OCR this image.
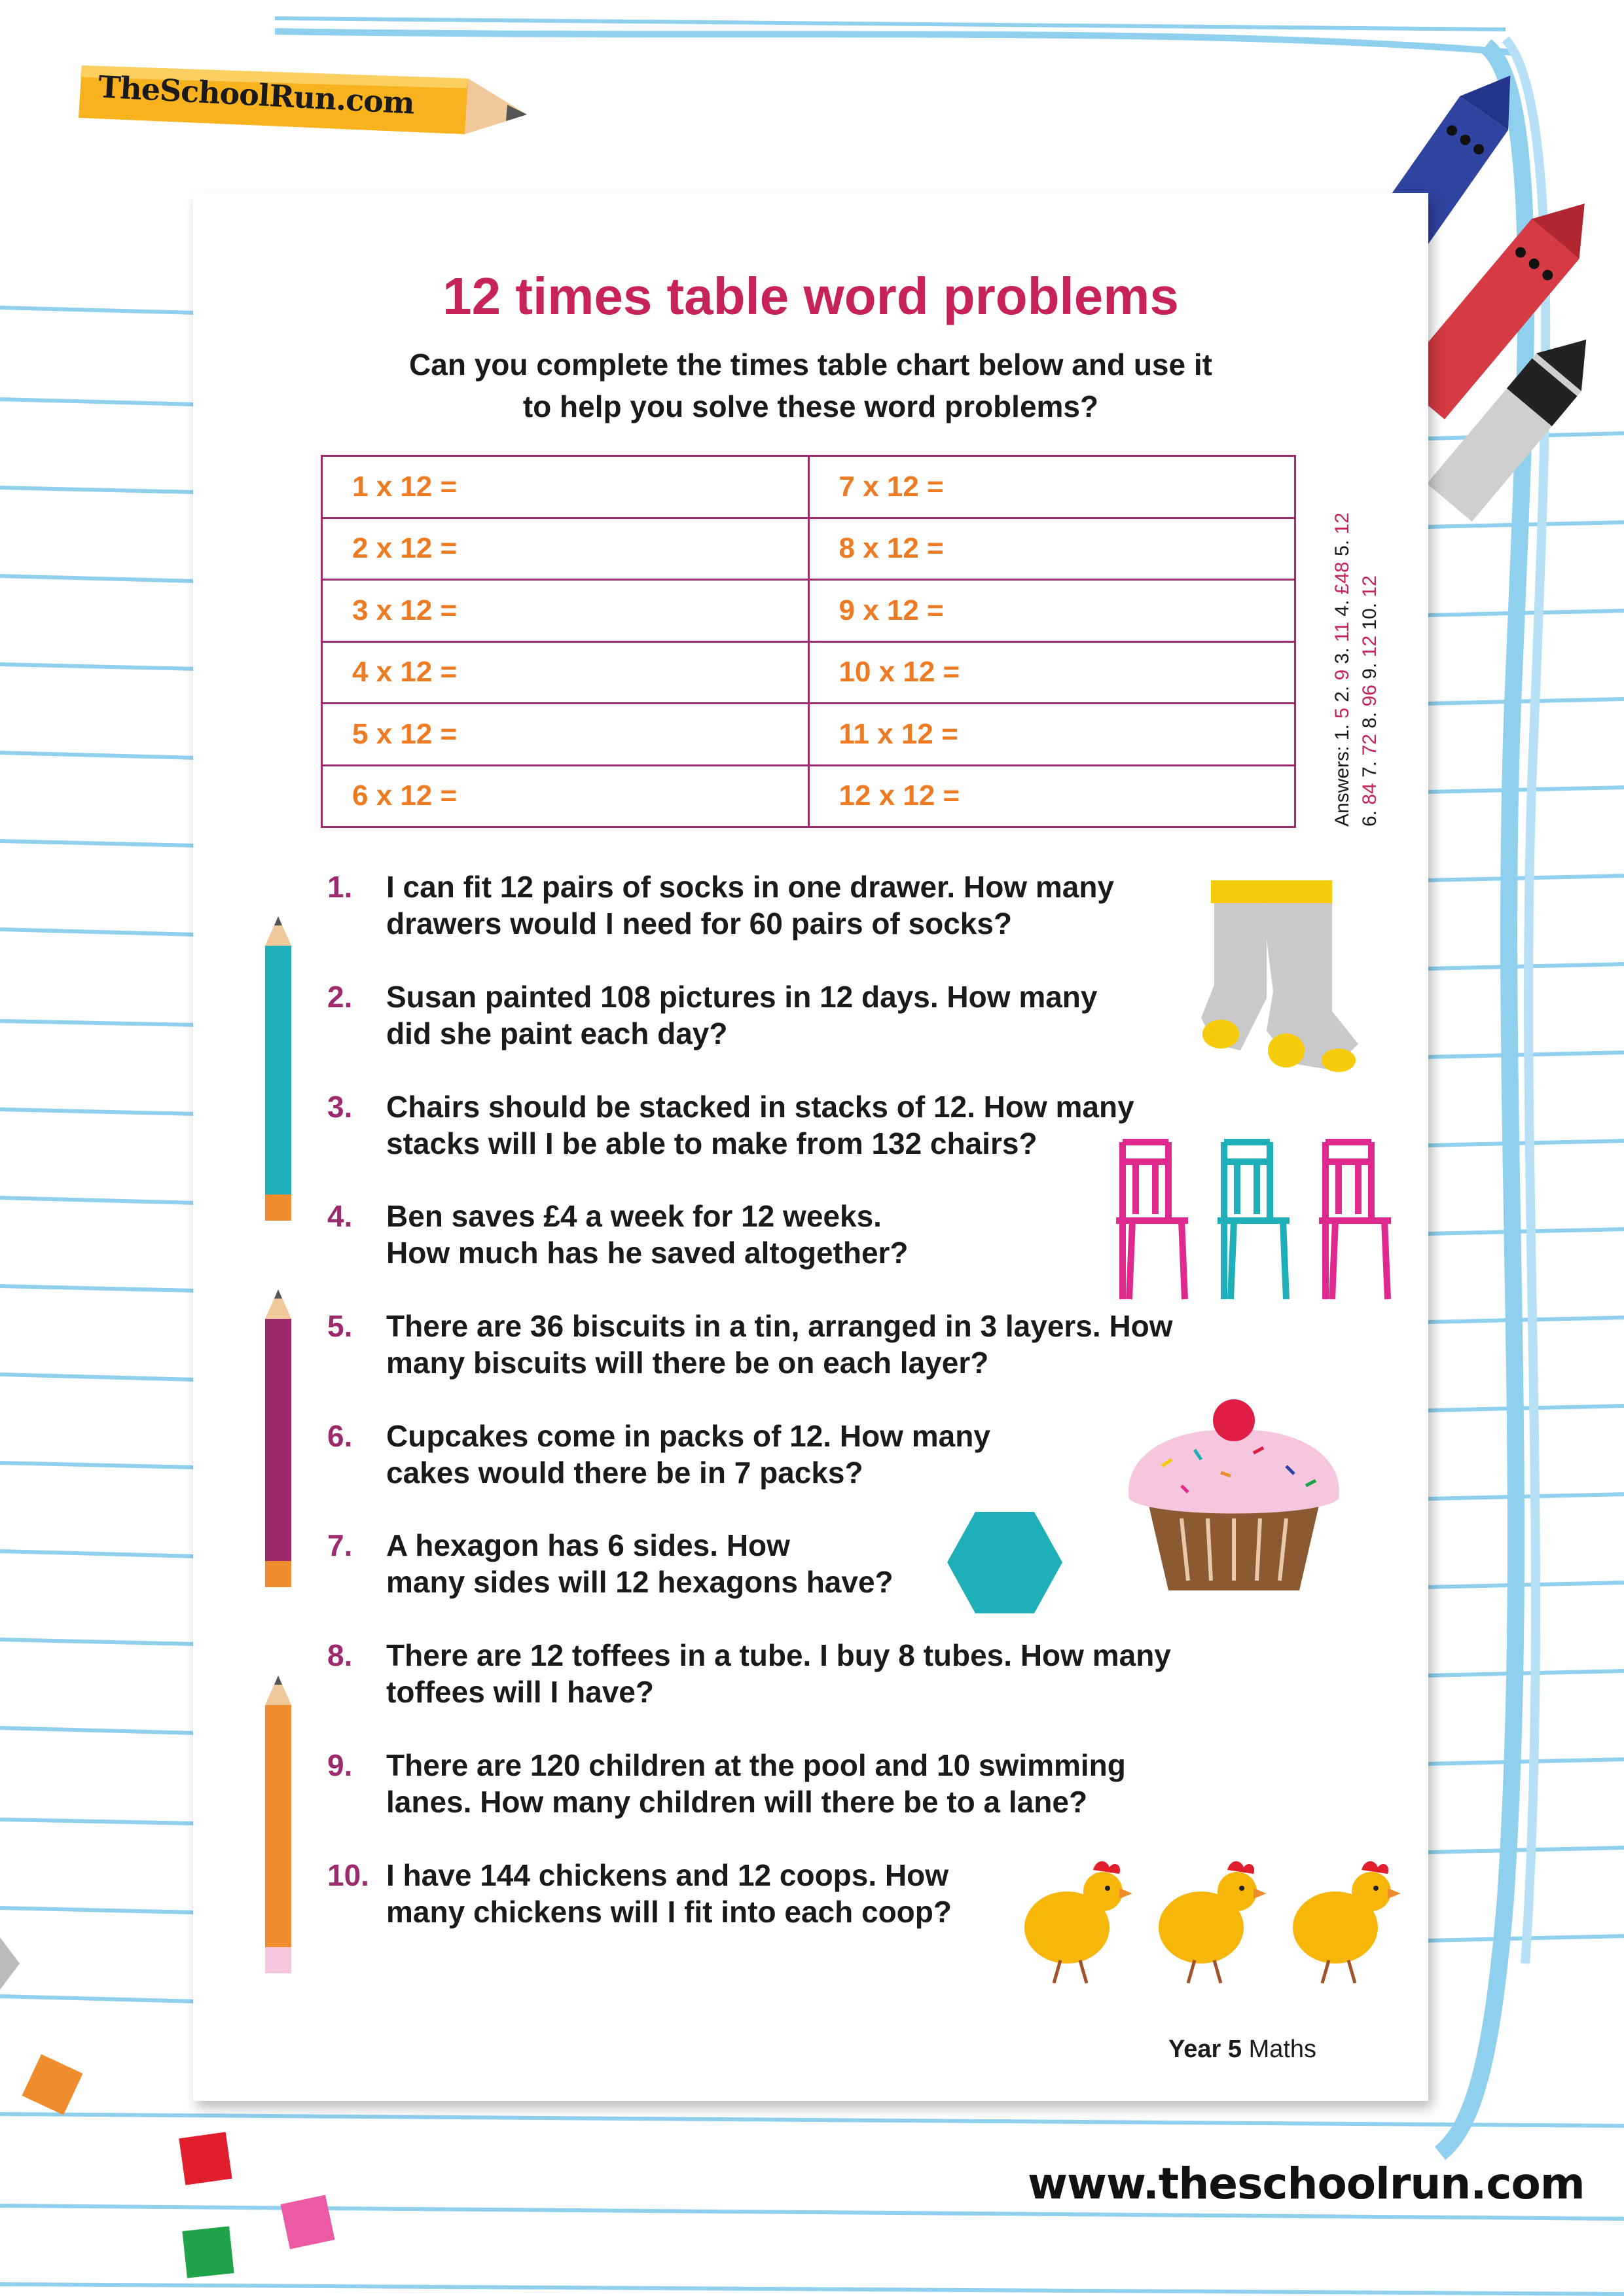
TheSchoolRun.com
12 times table word problems
Can you complete the times table chart below and use it
to help you solve these word problems?
1 x 12 =	7 x 12 =
2 x 12 =	8 x 12 =
3 x 12 =	9 x 12 =
4 x 12 =	10 x 12 =
5 x 12 =	11 x 12 =
6 x 12 =	12 x 12 =	Answers: 1. 5 2. 9 3. 11 4. £48 5. 12
6. 84 7. 72 8. 96 9. 12 10. 12
1. I can fit 12 pairs of socks in one drawer. How many
drawers would I need for 60 pairs of socks?
2. Susan painted 108 pictures in 12 days. How many
did she paint each day?
3. Chairs should be stacked in stacks of 12. How many
stacks will I be able to make from 132 chairs?
4. Ben saves £4 a week for 12 weeks.
How much has he saved altogether?
5. There are 36 biscuits in a tin, arranged in 3 layers. How
many biscuits will there be on each layer?
6. Cupcakes come in packs of 12. How many
cakes would there be in 7 packs?
7. A hexagon has 6 sides. How
many sides will 12 hexagons have?
8. There are 12 toffees in a tube. I buy 8 tubes. How many
toffees will I have?
9. There are 120 children at the pool and 10 swimming
lanes. How many children will there be to a lane?
10. I have 144 chickens and 12 coops. How
many chickens will I fit into each coop?
Year 5 Maths
www.theschoolrun.com
